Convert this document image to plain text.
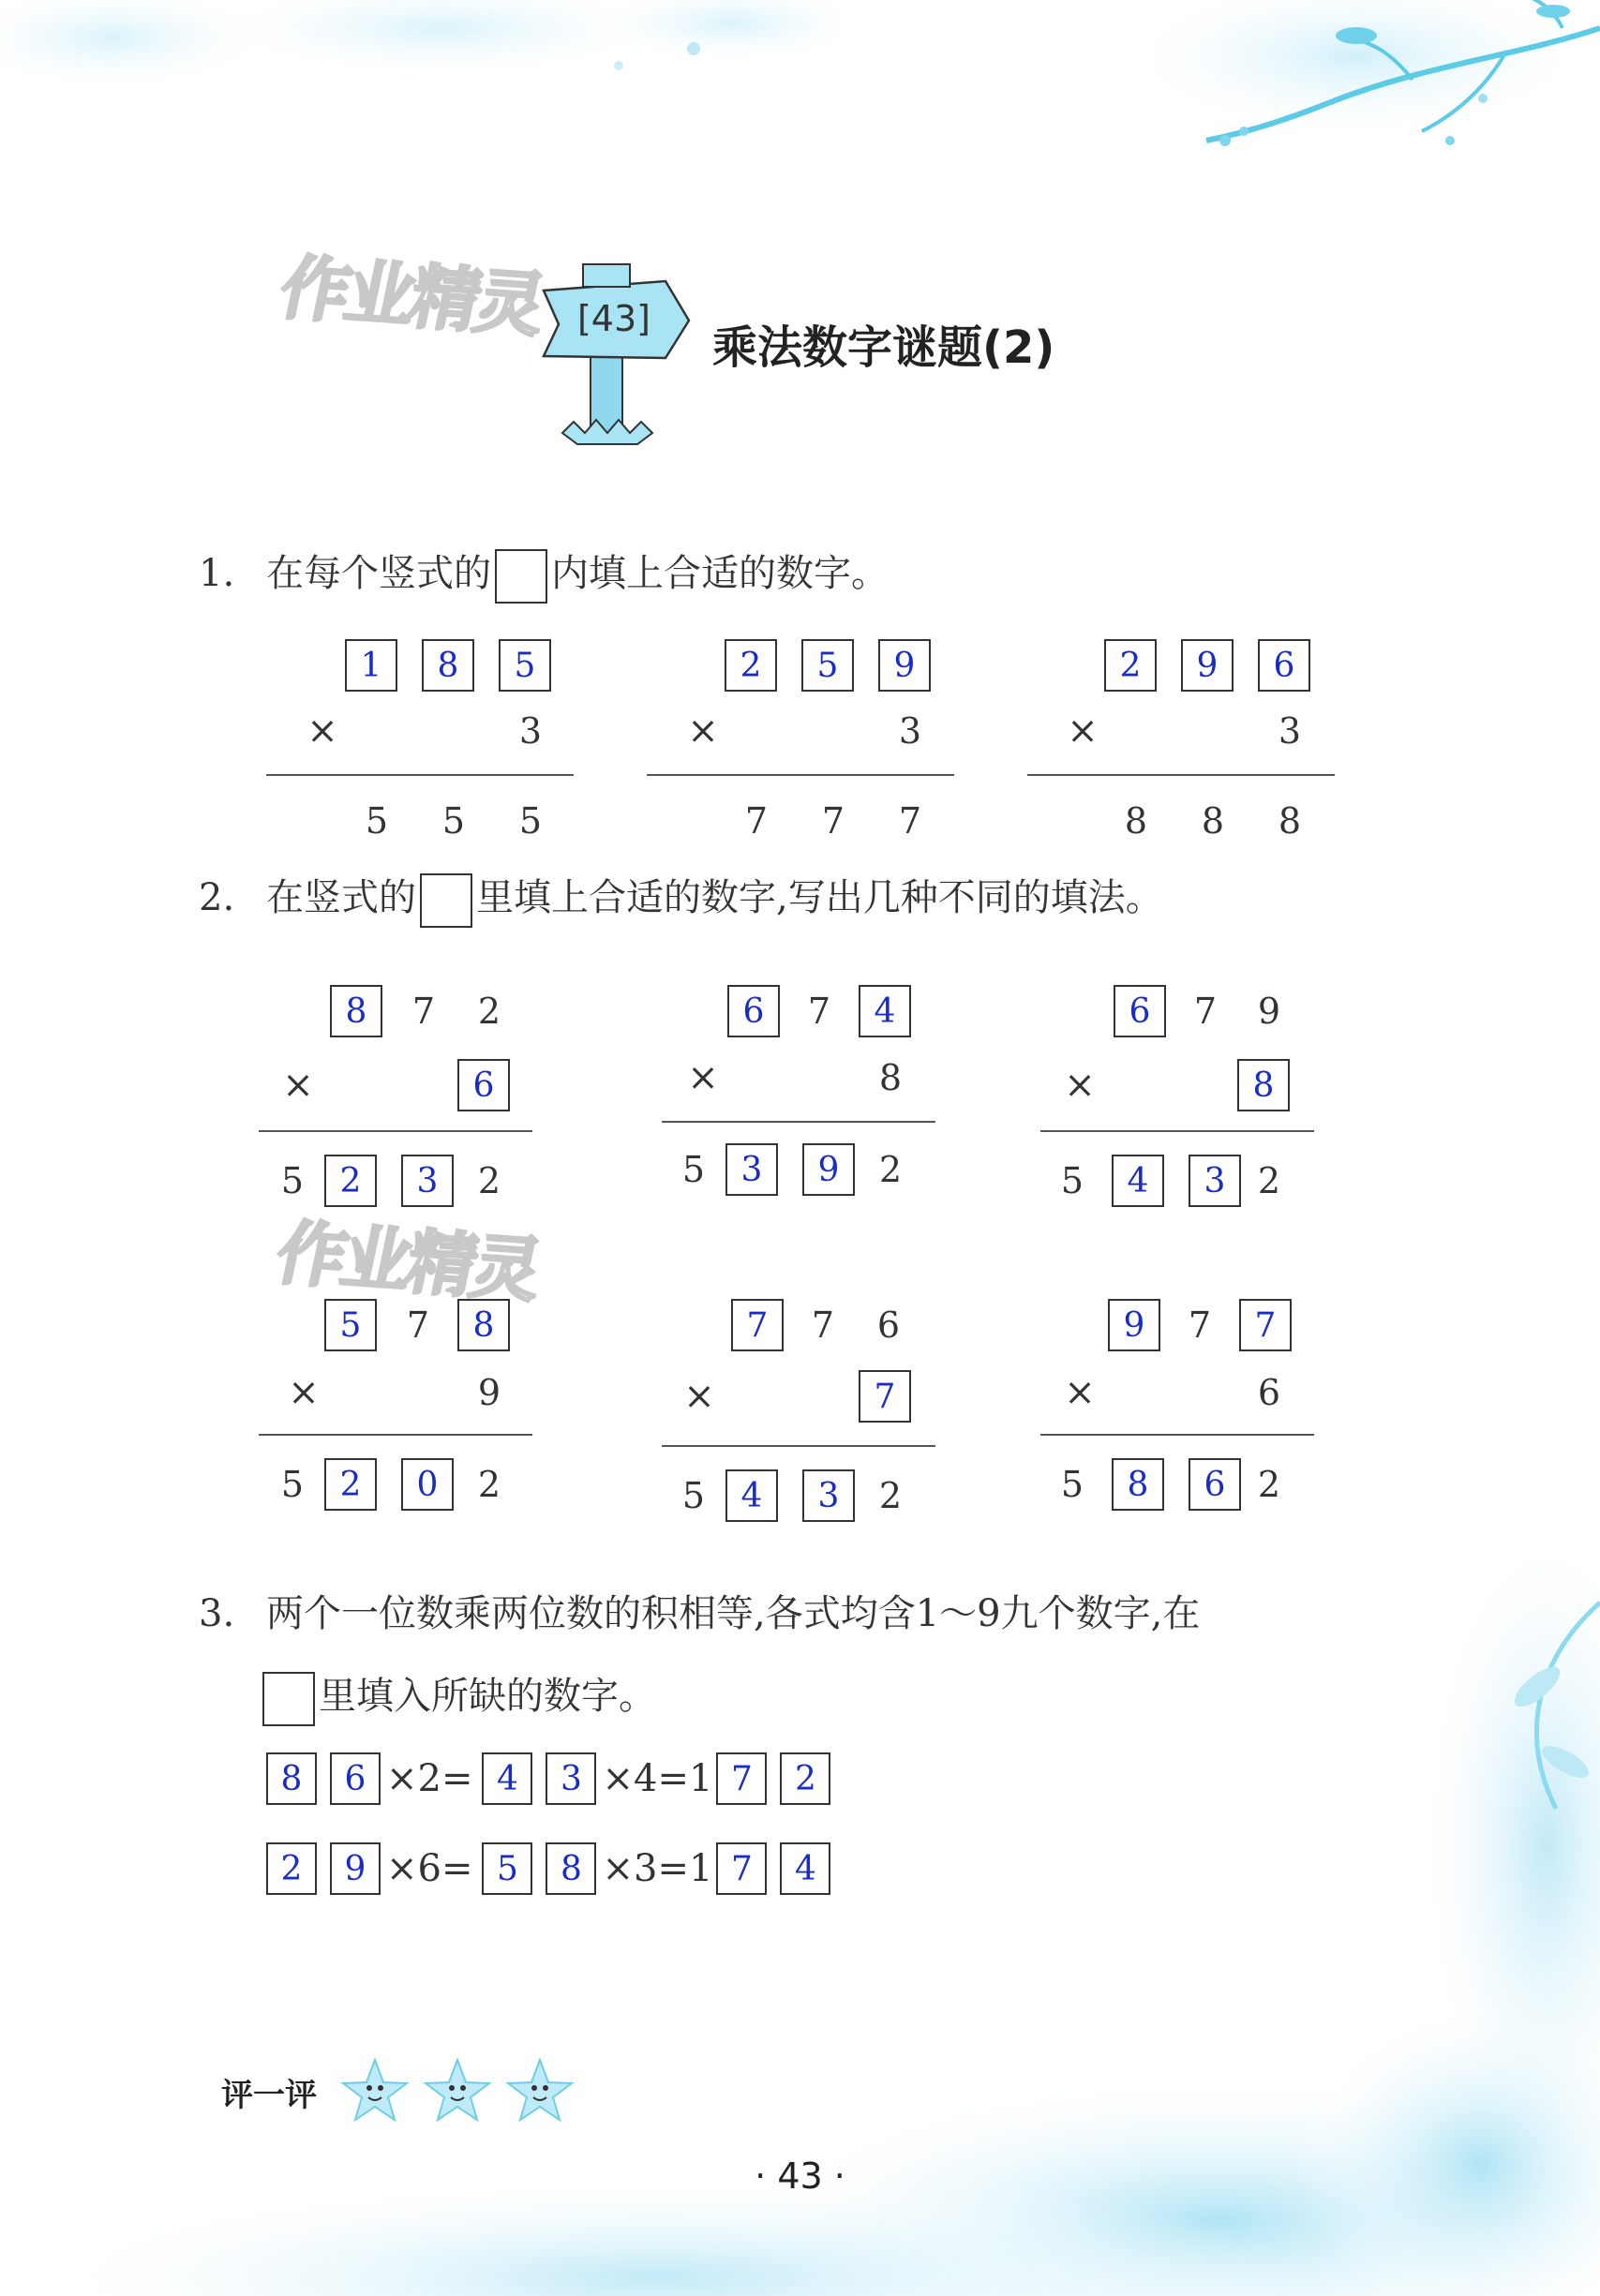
作业精灵
作业精灵
[43]
乘法数字谜题(2)
1. 在每个竖式的 内填上合适的数字。
1	8	5
×	3
5	5	5
2	5	9
×	3
7	7	7
2	9	6
×	3
8	8	8
2. 在竖式的 里填上合适的数字,写出几种不同的填法。
8	7	2
×	6
5	2	3	2
6	7	4
×	8
5	3	9	2
6	7	9
×	8
5	4	3 2
5	7	8
×	9
5	2	0	2
7	7	6
×	7
5	4	3	2
9	7	7
×	6
5	8	6 2
3. 两个一位数乘两位数的积相等,各式均含1～9九个数字,在
里填入所缺的数字。
8	6 ×2= 4	3 ×4=1 7	2
2	9 ×6= 5	8 ×3=1 7	4
评一评
· 43 ·
